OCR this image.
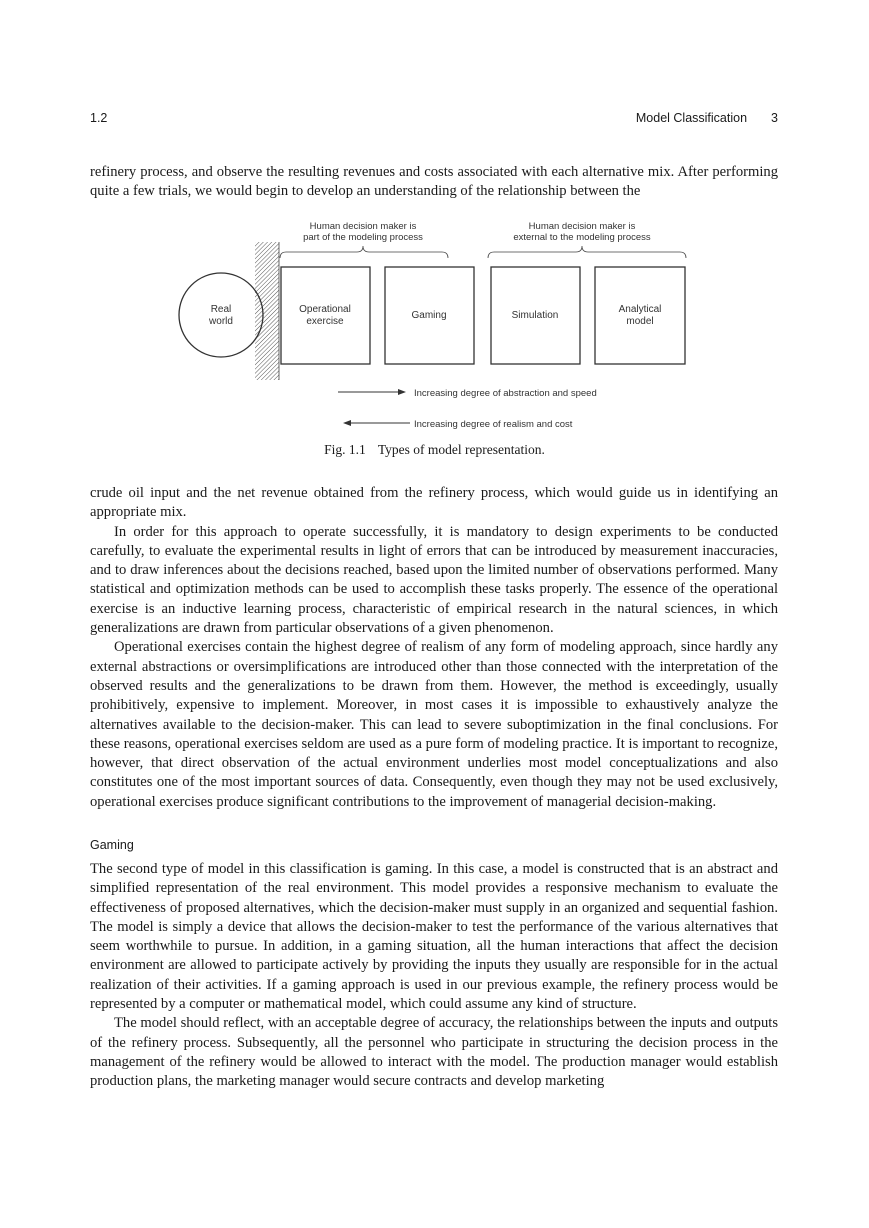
1.2	Model Classification 3

refinery process, and observe the resulting revenues and costs associated with each alternative mix. After performing quite a few trials, we would begin to develop an understanding of the relationship between the

Human decision maker is
part of the modeling process
Human decision maker is
external to the modeling process
Real
world
Operational
exercise
Gaming	Simulation
Analytical
model
Increasing degree of abstraction and speed
Increasing degree of realism and cost
Fig. 1.1 Types of model representation.

crude oil input and the net revenue obtained from the refinery process, which would guide us in identifying an appropriate mix.

In order for this approach to operate successfully, it is mandatory to design experiments to be conducted carefully, to evaluate the experimental results in light of errors that can be introduced by measurement inaccuracies, and to draw inferences about the decisions reached, based upon the limited number of observations performed. Many statistical and optimization methods can be used to accomplish these tasks properly. The essence of the operational exercise is an inductive learning process, characteristic of empirical research in the natural sciences, in which generalizations are drawn from particular observations of a given phenomenon.

Operational exercises contain the highest degree of realism of any form of modeling approach, since hardly any external abstractions or oversimplifications are introduced other than those connected with the interpretation of the observed results and the generalizations to be drawn from them. However, the method is exceedingly, usually prohibitively, expensive to implement. Moreover, in most cases it is impossible to exhaustively analyze the alternatives available to the decision-maker. This can lead to severe suboptimization in the final conclusions. For these reasons, operational exercises seldom are used as a pure form of modeling practice. It is important to recognize, however, that direct observation of the actual environment underlies most model conceptualizations and also constitutes one of the most important sources of data. Consequently, even though they may not be used exclusively, operational exercises produce significant contributions to the improvement of managerial decision-making.

Gaming

The second type of model in this classification is gaming. In this case, a model is constructed that is an abstract and simplified representation of the real environment. This model provides a responsive mechanism to evaluate the effectiveness of proposed alternatives, which the decision-maker must supply in an organized and sequential fashion. The model is simply a device that allows the decision-maker to test the performance of the various alternatives that seem worthwhile to pursue. In addition, in a gaming situation, all the human interactions that affect the decision environment are allowed to participate actively by providing the inputs they usually are responsible for in the actual realization of their activities. If a gaming approach is used in our previous example, the refinery process would be represented by a computer or mathematical model, which could assume any kind of structure.

The model should reflect, with an acceptable degree of accuracy, the relationships between the inputs and outputs of the refinery process. Subsequently, all the personnel who participate in structuring the decision process in the management of the refinery would be allowed to interact with the model. The production manager would establish production plans, the marketing manager would secure contracts and develop marketing
